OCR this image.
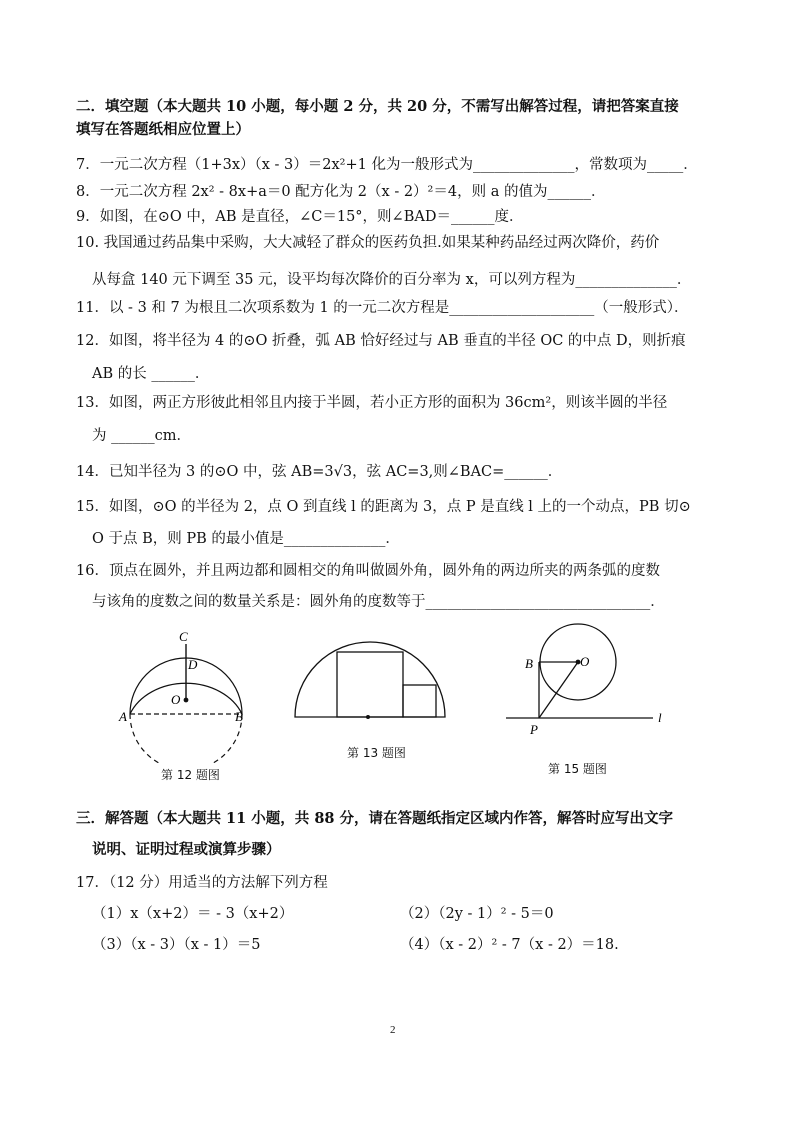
二．填空题（本大题共 10 小题，每小题 2 分，共 20 分，不需写出解答过程，请把答案直接
填写在答题纸相应位置上）
7．一元二次方程（1+3x）（x - 3）＝2x²+1 化为一般形式为______________，常数项为_____．
8．一元二次方程 2x² - 8x+a＝0 配方化为 2（x - 2）²＝4，则 a 的值为______．
9．如图，在⊙O 中，AB 是直径，∠C＝15°，则∠BAD＝______度．
10. 我国通过药品集中采购，大大减轻了群众的医药负担.如果某种药品经过两次降价，药价
从每盒 140 元下调至 35 元，设平均每次降价的百分率为 x，可以列方程为______________．
11．以 - 3 和 7 为根且二次项系数为 1 的一元二次方程是____________________（一般形式）．
12．如图，将半径为 4 的⊙O 折叠，弧 AB 恰好经过与 AB 垂直的半径 OC 的中点 D，则折痕
AB 的长 ______．
13．如图，两正方形彼此相邻且内接于半圆，若小正方形的面积为 36cm²，则该半圆的半径
为 ______cm．
14．已知半径为 3 的⊙O 中，弦 AB=3√3，弦 AC=3,则∠BAC=______．
15．如图，⊙O 的半径为 2，点 O 到直线 l 的距离为 3，点 P 是直线 l 上的一个动点，PB 切⊙
O 于点 B，则 PB 的最小值是______________．
16．顶点在圆外，并且两边都和圆相交的角叫做圆外角，圆外角的两边所夹的两条弧的度数
与该角的度数之间的数量关系是：圆外角的度数等于_______________________________．
C
D
O
A	B
第 12 题图
第 13 题图
B	O
P
l
第 15 题图
三．解答题（本大题共 11 小题，共 88 分，请在答题纸指定区域内作答，解答时应写出文字
说明、证明过程或演算步骤）
17．（12 分）用适当的方法解下列方程
（1）x（x+2）＝ - 3（x+2）	（2）（2y - 1）² - 5＝0
（3）（x - 3）（x - 1）＝5	（4）（x - 2）² - 7（x - 2）＝18.
2
